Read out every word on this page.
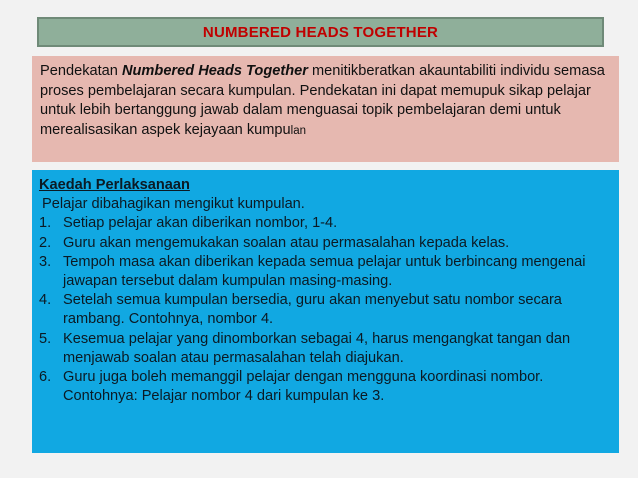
NUMBERED HEADS TOGETHER
Pendekatan Numbered Heads Together menitikberatkan akauntabiliti individu semasa proses pembelajaran secara kumpulan. Pendekatan ini dapat memupuk sikap pelajar untuk lebih bertanggung jawab dalam menguasai topik pembelajaran demi untuk merealisasikan aspek kejayaan kumpulan
Kaedah Perlaksanaan
Pelajar dibahagikan mengikut kumpulan.
1. Setiap pelajar akan diberikan nombor, 1-4.
2. Guru akan mengemukakan soalan atau permasalahan kepada kelas.
3. Tempoh masa akan diberikan kepada semua pelajar untuk berbincang mengenai jawapan tersebut dalam kumpulan masing-masing.
4. Setelah semua kumpulan bersedia, guru akan menyebut satu nombor secara rambang. Contohnya, nombor 4.
5. Kesemua pelajar yang dinomborkan sebagai 4, harus mengangkat tangan dan menjawab soalan atau permasalahan telah diajukan.
6. Guru juga boleh memanggil pelajar dengan mengguna koordinasi nombor. Contohnya: Pelajar nombor 4 dari kumpulan ke 3.
